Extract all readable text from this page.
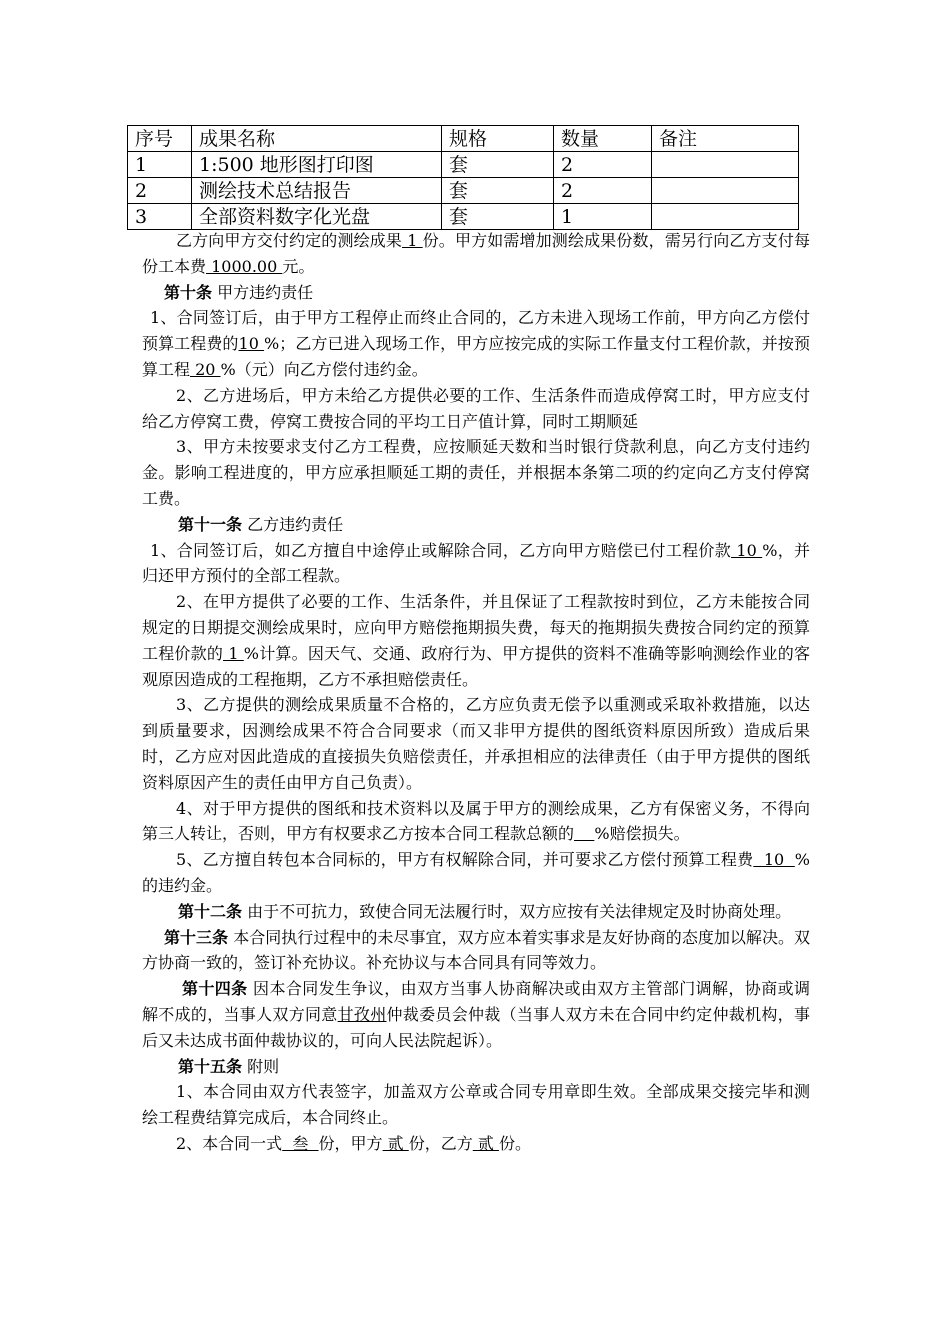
序号	成果名称	规格	数量	备注
1	1:500 地形图打印图	套	2	
2	测绘技术总结报告	套	2	
3	全部资料数字化光盘	套	1	

乙方向甲方交付约定的测绘成果 1 份。甲方如需增加测绘成果份数，需另行向乙方支付每份工本费 1000.00 元。

第十条 甲方违约责任

1、合同签订后，由于甲方工程停止而终止合同的，乙方未进入现场工作前，甲方向乙方偿付预算工程费的10 %；乙方已进入现场工作，甲方应按完成的实际工作量支付工程价款，并按预算工程 20 %（元）向乙方偿付违约金。

2、乙方进场后，甲方未给乙方提供必要的工作、生活条件而造成停窝工时，甲方应支付给乙方停窝工费，停窝工费按合同的平均工日产值计算，同时工期顺延

3、甲方未按要求支付乙方工程费，应按顺延天数和当时银行贷款利息，向乙方支付违约金。影响工程进度的，甲方应承担顺延工期的责任，并根据本条第二项的约定向乙方支付停窝工费。

第十一条 乙方违约责任

1、合同签订后，如乙方擅自中途停止或解除合同，乙方向甲方赔偿已付工程价款 10 %，并归还甲方预付的全部工程款。

2、在甲方提供了必要的工作、生活条件，并且保证了工程款按时到位，乙方未能按合同规定的日期提交测绘成果时，应向甲方赔偿拖期损失费，每天的拖期损失费按合同约定的预算工程价款的 1 %计算。因天气、交通、政府行为、甲方提供的资料不准确等影响测绘作业的客观原因造成的工程拖期，乙方不承担赔偿责任。

3、乙方提供的测绘成果质量不合格的，乙方应负责无偿予以重测或采取补救措施，以达到质量要求，因测绘成果不符合合同要求（而又非甲方提供的图纸资料原因所致）造成后果时，乙方应对因此造成的直接损失负赔偿责任，并承担相应的法律责任（由于甲方提供的图纸资料原因产生的责任由甲方自己负责）。

4、对于甲方提供的图纸和技术资料以及属于甲方的测绘成果，乙方有保密义务，不得向第三人转让，否则，甲方有权要求乙方按本合同工程款总额的 %赔偿损失。

5、乙方擅自转包本合同标的，甲方有权解除合同，并可要求乙方偿付预算工程费  10  %的违约金。

第十二条 由于不可抗力，致使合同无法履行时，双方应按有关法律规定及时协商处理。

第十三条 本合同执行过程中的未尽事宜，双方应本着实事求是友好协商的态度加以解决。双方协商一致的，签订补充协议。补充协议与本合同具有同等效力。

第十四条 因本合同发生争议，由双方当事人协商解决或由双方主管部门调解，协商或调解不成的，当事人双方同意甘孜州仲裁委员会仲裁（当事人双方未在合同中约定仲裁机构，事后又未达成书面仲裁协议的，可向人民法院起诉）。

第十五条 附则

1、本合同由双方代表签字，加盖双方公章或合同专用章即生效。全部成果交接完毕和测绘工程费结算完成后，本合同终止。

2、本合同一式  叁  份，甲方 贰 份，乙方 贰 份。
